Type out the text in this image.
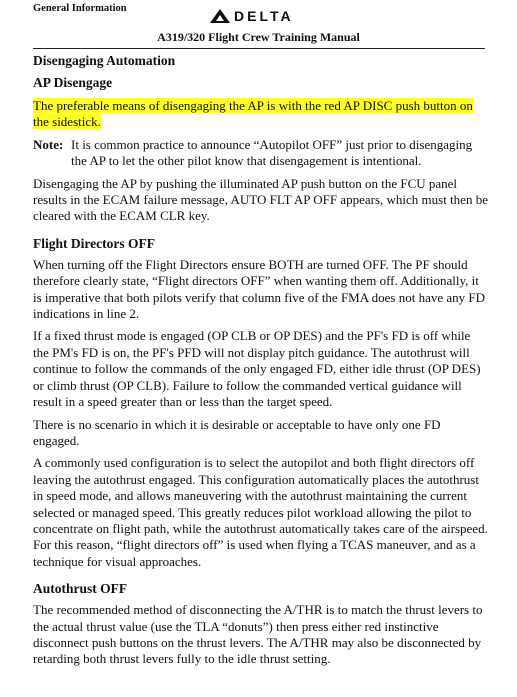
General Information	DELTA
A319/320 Flight Crew Training Manual
Disengaging Automation
AP Disengage

The preferable means of disengaging the AP is with the red AP DISC push button on the sidestick.

Note: It is common practice to announce “Autopilot OFF” just prior to disengaging the AP to let the other pilot know that disengagement is intentional.

Disengaging the AP by pushing the illuminated AP push button on the FCU panel results in the ECAM failure message, AUTO FLT AP OFF appears, which must then be cleared with the ECAM CLR key.

Flight Directors OFF

When turning off the Flight Directors ensure BOTH are turned OFF. The PF should therefore clearly state, “Flight directors OFF” when wanting them off. Additionally, it is imperative that both pilots verify that column five of the FMA does not have any FD indications in line 2.

If a fixed thrust mode is engaged (OP CLB or OP DES) and the PF's FD is off while the PM's FD is on, the PF's PFD will not display pitch guidance. The autothrust will continue to follow the commands of the only engaged FD, either idle thrust (OP DES) or climb thrust (OP CLB). Failure to follow the commanded vertical guidance will result in a speed greater than or less than the target speed.

There is no scenario in which it is desirable or acceptable to have only one FD engaged.

A commonly used configuration is to select the autopilot and both flight directors off leaving the autothrust engaged. This configuration automatically places the autothrust in speed mode, and allows maneuvering with the autothrust maintaining the current selected or managed speed. This greatly reduces pilot workload allowing the pilot to concentrate on flight path, while the autothrust automatically takes care of the airspeed. For this reason, “flight directors off” is used when flying a TCAS maneuver, and as a technique for visual approaches.

Autothrust OFF

The recommended method of disconnecting the A/THR is to match the thrust levers to the actual thrust value (use the TLA “donuts”) then press either red instinctive disconnect push buttons on the thrust levers. The A/THR may also be disconnected by retarding both thrust levers fully to the idle thrust setting.
